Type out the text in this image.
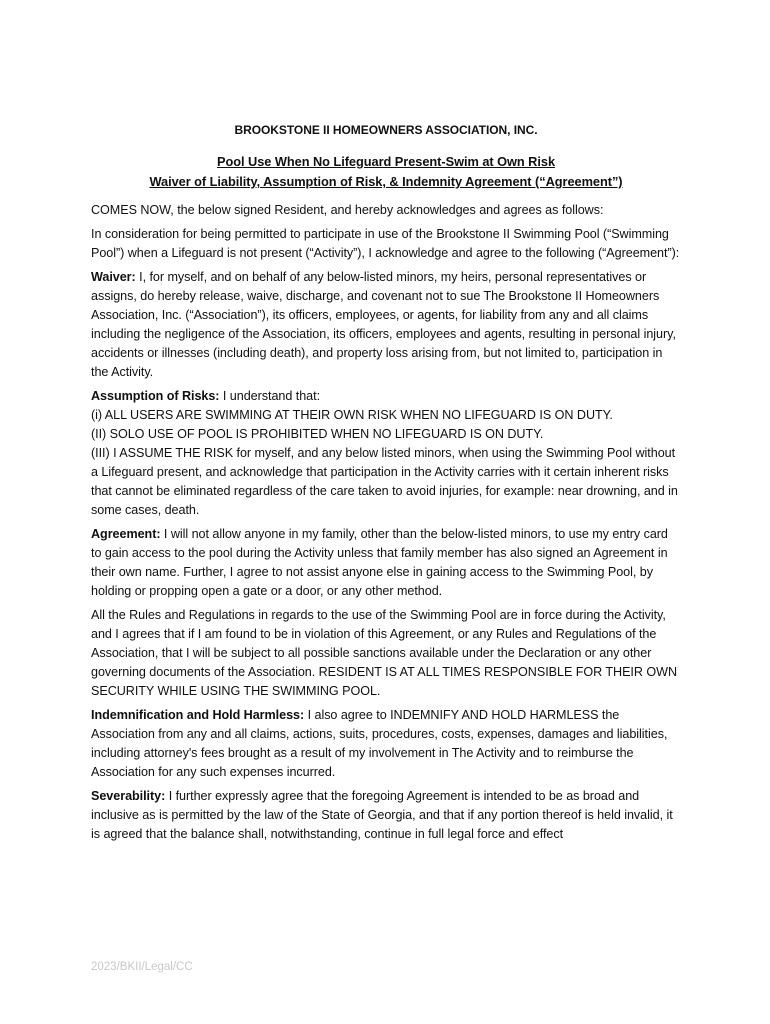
BROOKSTONE II HOMEOWNERS ASSOCIATION, INC.
Pool Use When No Lifeguard Present-Swim at Own Risk
Waiver of Liability, Assumption of Risk, & Indemnity Agreement (“Agreement”)

COMES NOW, the below signed Resident, and hereby acknowledges and agrees as follows:

In consideration for being permitted to participate in use of the Brookstone II Swimming Pool (“Swimming Pool”) when a Lifeguard is not present (“Activity”), I acknowledge and agree to the following (“Agreement”):

Waiver: I, for myself, and on behalf of any below-listed minors, my heirs, personal representatives or assigns, do hereby release, waive, discharge, and covenant not to sue The Brookstone II Homeowners Association, Inc. (“Association”), its officers, employees, or agents, for liability from any and all claims including the negligence of the Association, its officers, employees and agents, resulting in personal injury, accidents or illnesses (including death), and property loss arising from, but not limited to, participation in the Activity.

Assumption of Risks: I understand that:

(i) ALL USERS ARE SWIMMING AT THEIR OWN RISK WHEN NO LIFEGUARD IS ON DUTY.

(II) SOLO USE OF POOL IS PROHIBITED WHEN NO LIFEGUARD IS ON DUTY.

(III) I ASSUME THE RISK for myself, and any below listed minors, when using the Swimming Pool without a Lifeguard present, and acknowledge that participation in the Activity carries with it certain inherent risks that cannot be eliminated regardless of the care taken to avoid injuries, for example: near drowning, and in some cases, death.

Agreement: I will not allow anyone in my family, other than the below-listed minors, to use my entry card to gain access to the pool during the Activity unless that family member has also signed an Agreement in their own name. Further, I agree to not assist anyone else in gaining access to the Swimming Pool, by holding or propping open a gate or a door, or any other method.

All the Rules and Regulations in regards to the use of the Swimming Pool are in force during the Activity, and I agrees that if I am found to be in violation of this Agreement, or any Rules and Regulations of the Association, that I will be subject to all possible sanctions available under the Declaration or any other governing documents of the Association. RESIDENT IS AT ALL TIMES RESPONSIBLE FOR THEIR OWN SECURITY WHILE USING THE SWIMMING POOL.

Indemnification and Hold Harmless: I also agree to INDEMNIFY AND HOLD HARMLESS the Association from any and all claims, actions, suits, procedures, costs, expenses, damages and liabilities, including attorney's fees brought as a result of my involvement in The Activity and to reimburse the Association for any such expenses incurred.

Severability: I further expressly agree that the foregoing Agreement is intended to be as broad and inclusive as is permitted by the law of the State of Georgia, and that if any portion thereof is held invalid, it is agreed that the balance shall, notwithstanding, continue in full legal force and effect

2023/BKII/Legal/CC
